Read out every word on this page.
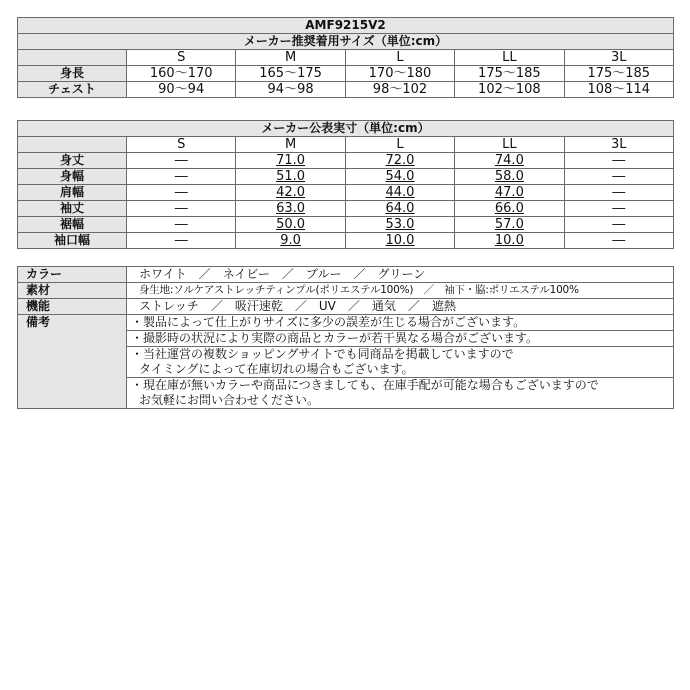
AMF9215V2					
メーカー推奨着用サイズ（単位:cm）					
	S	M	L	LL	3L
身長	160～170	165～175	170～180	175～185	175～185
チェスト	90～94	94～98	98～102	102～108	108～114
メーカー公表実寸（単位:cm）					
	S	M	L	LL	3L
身丈	―	71.0	72.0	74.0	―
身幅	―	51.0	54.0	58.0	―
肩幅	―	42.0	44.0	47.0	―
袖丈	―	63.0	64.0	66.0	―
裾幅	―	50.0	53.0	57.0	―
袖口幅	―	9.0	10.0	10.0	―
カラー	ホワイト　／　ネイビー　／　ブルー　／　グリーン
素材	身生地:ソルケアストレッチティンプル(ポリエステル100%)　／　袖下・脇:ポリエステル100%
機能	ストレッチ　／　吸汗速乾　／　UV　／　通気　／　遮熱
備考	・製品によって仕上がりサイズに多少の誤差が生じる場合がございます。
	・撮影時の状況により実際の商品とカラーが若干異なる場合がございます。
	・当社運営の複数ショッピングサイトでも同商品を掲載していますので
	タイミングによって在庫切れの場合もございます。
	・現在庫が無いカラーや商品につきましても、在庫手配が可能な場合もございますので
	お気軽にお問い合わせください。
